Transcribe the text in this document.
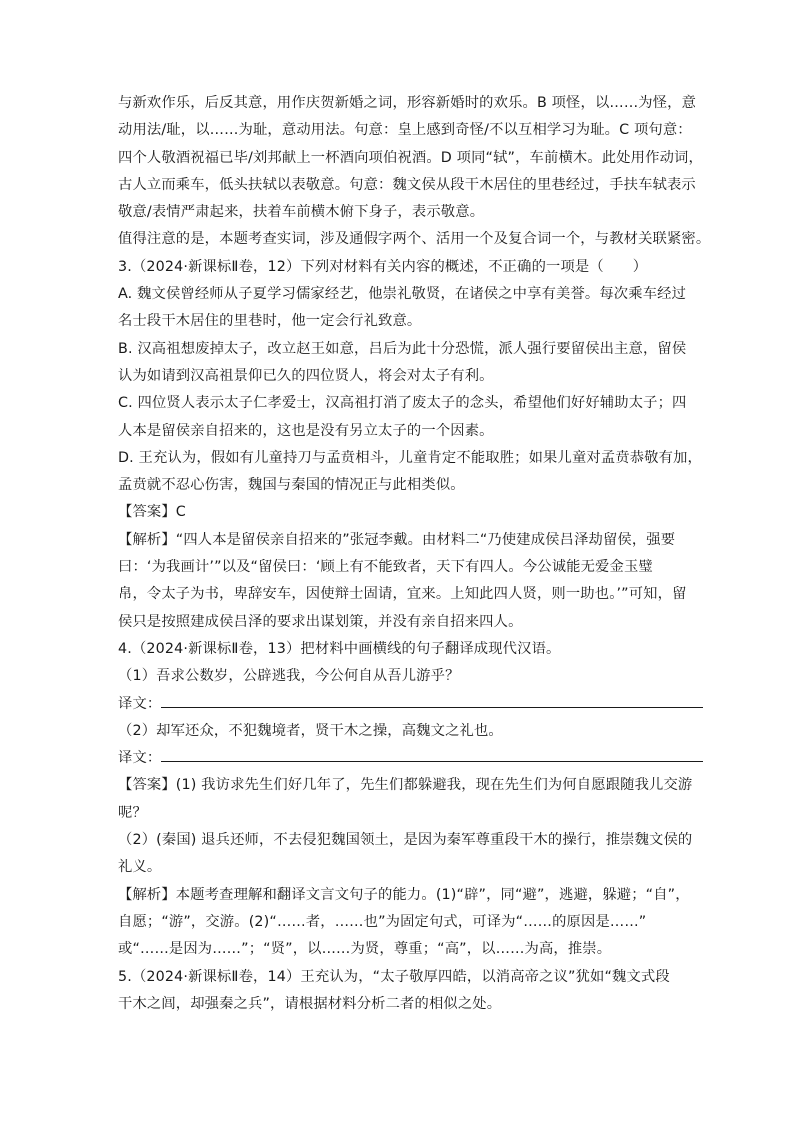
与新欢作乐，后反其意，用作庆贺新婚之词，形容新婚时的欢乐。B 项怪，以……为怪，意
动用法/耻，以……为耻，意动用法。句意：皇上感到奇怪/不以互相学习为耻。C 项句意：
四个人敬酒祝福已毕/刘邦献上一杯酒向项伯祝酒。D 项同“轼”，车前横木。此处用作动词，
古人立而乘车，低头扶轼以表敬意。句意：魏文侯从段干木居住的里巷经过，手扶车轼表示
敬意/表情严肃起来，扶着车前横木俯下身子，表示敬意。
值得注意的是，本题考查实词，涉及通假字两个、活用一个及复合词一个，与教材关联紧密。
3.（2024·新课标Ⅱ卷，12）下列对材料有关内容的概述，不正确的一项是（　　）
A. 魏文侯曾经师从子夏学习儒家经艺，他崇礼敬贤，在诸侯之中享有美誉。每次乘车经过
名士段干木居住的里巷时，他一定会行礼致意。
B. 汉高祖想废掉太子，改立赵王如意，吕后为此十分恐慌，派人强行要留侯出主意，留侯
认为如请到汉高祖景仰已久的四位贤人，将会对太子有利。
C. 四位贤人表示太子仁孝爱士，汉高祖打消了废太子的念头，希望他们好好辅助太子；四
人本是留侯亲自招来的，这也是没有另立太子的一个因素。
D. 王充认为，假如有儿童持刀与孟贲相斗，儿童肯定不能取胜；如果儿童对孟贲恭敬有加，
孟贲就不忍心伤害，魏国与秦国的情况正与此相类似。
【答案】C
【解析】“四人本是留侯亲自招来的”张冠李戴。由材料二“乃使建成侯吕泽劫留侯，强要
曰：‘为我画计’”以及“留侯曰：‘顾上有不能致者，天下有四人。今公诚能无爱金玉璧
帛，令太子为书，卑辞安车，因使辩士固请，宜来。上知此四人贤，则一助也。’”可知，留
侯只是按照建成侯吕泽的要求出谋划策，并没有亲自招来四人。
4.（2024·新课标Ⅱ卷，13）把材料中画横线的句子翻译成现代汉语。
（1）吾求公数岁，公辟逃我，今公何自从吾儿游乎？
译文：
（2）却军还众，不犯魏境者，贤干木之操，高魏文之礼也。
译文：
【答案】(1) 我访求先生们好几年了，先生们都躲避我，现在先生们为何自愿跟随我儿交游
呢？
（2）(秦国) 退兵还师，不去侵犯魏国领土，是因为秦军尊重段干木的操行，推崇魏文侯的
礼义。
【解析】本题考查理解和翻译文言文句子的能力。(1)“辟”，同“避”，逃避，躲避；“自”，
自愿；“游”，交游。(2)“……者，……也”为固定句式，可译为“……的原因是……”
或“……是因为……”；“贤”，以……为贤，尊重；“高”，以……为高，推崇。
5.（2024·新课标Ⅱ卷，14）王充认为，“太子敬厚四皓，以消高帝之议”犹如“魏文式段
干木之闾，却强秦之兵”，请根据材料分析二者的相似之处。
